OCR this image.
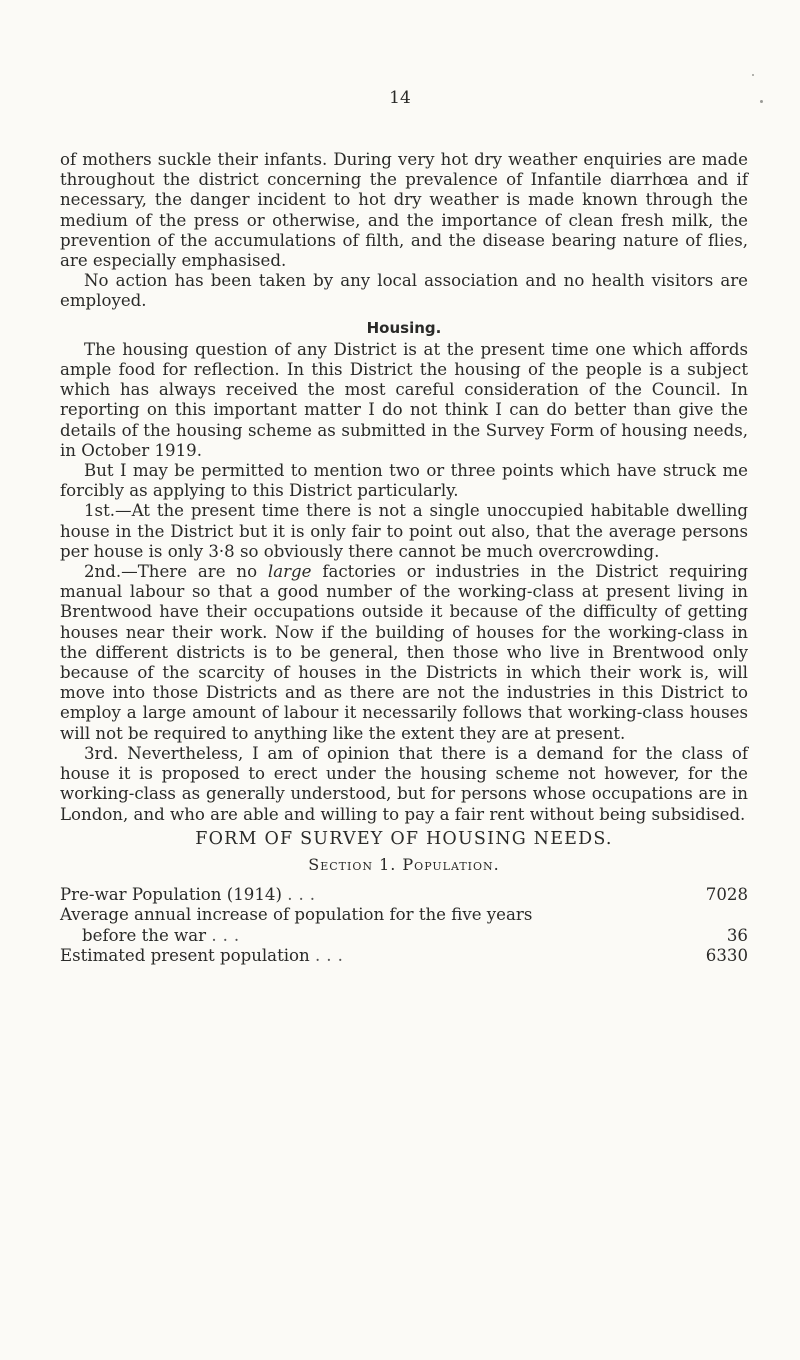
14

of mothers suckle their infants. During very hot dry weather enquiries are made throughout the district concerning the prevalence of Infantile diarrhœa and if necessary, the danger incident to hot dry weather is made known through the medium of the press or otherwise, and the importance of clean fresh milk, the prevention of the accumulations of filth, and the disease bearing nature of flies, are especially emphasised.

No action has been taken by any local association and no health visitors are employed.

Housing.

The housing question of any District is at the present time one which affords ample food for reflection. In this District the housing of the people is a subject which has always received the most careful consideration of the Council. In reporting on this important matter I do not think I can do better than give the details of the housing scheme as submitted in the Survey Form of housing needs, in October 1919.

But I may be permitted to mention two or three points which have struck me forcibly as applying to this District particularly.

1st.—At the present time there is not a single unoccupied habitable dwelling house in the District but it is only fair to point out also, that the average persons per house is only 3·8 so obviously there cannot be much overcrowding.

2nd.—There are no large factories or industries in the District requiring manual labour so that a good number of the working-class at present living in Brentwood have their occupations outside it because of the difficulty of getting houses near their work. Now if the building of houses for the working-class in the different districts is to be general, then those who live in Brentwood only because of the scarcity of houses in the Districts in which their work is, will move into those Districts and as there are not the industries in this District to employ a large amount of labour it necessarily follows that working-class houses will not be required to anything like the extent they are at present.

3rd. Nevertheless, I am of opinion that there is a demand for the class of house it is proposed to erect under the housing scheme not however, for the working-class as generally understood, but for persons whose occupations are in London, and who are able and willing to pay a fair rent without being subsidised.

FORM OF SURVEY OF HOUSING NEEDS.
Section 1. Population.
Pre-war Population (1914) ...	7028
Average annual increase of population for the five years	
before the war ...	36
Estimated present population ...	6330
